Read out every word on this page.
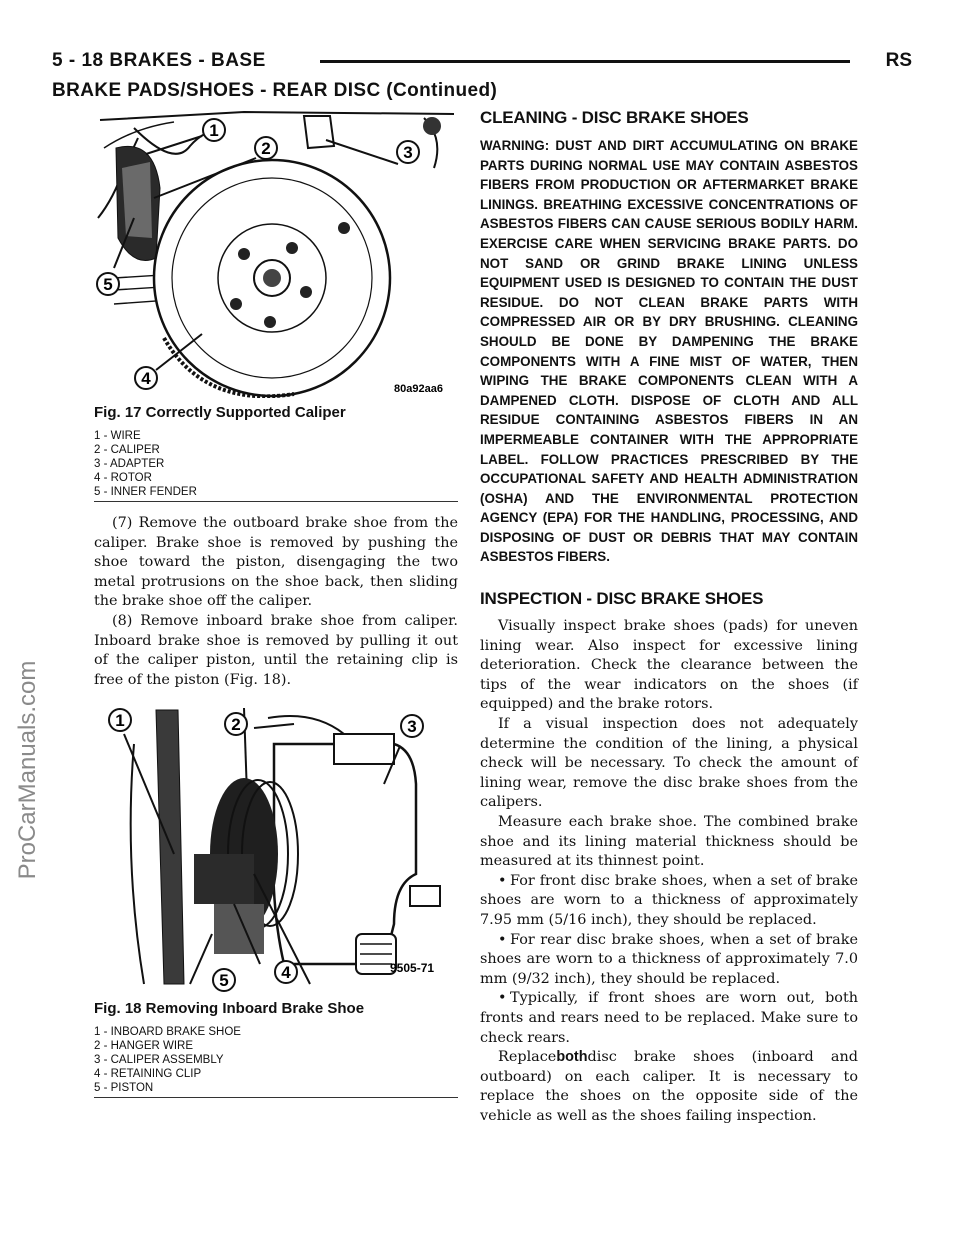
5 - 18 BRAKES - BASE	RS
BRAKE PADS/SHOES - REAR DISC (Continued)
ProCarManuals.com
1
2	3
4
5
80a92aa6
Fig. 17 Correctly Supported Caliper
1 - WIRE
2 - CALIPER
3 - ADAPTER
4 - ROTOR
5 - INNER FENDER

(7) Remove the outboard brake shoe from the caliper. Brake shoe is removed by pushing the shoe toward the piston, disengaging the two metal protrusions on the shoe back, then sliding the brake shoe off the caliper.

(8) Remove inboard brake shoe from caliper. Inboard brake shoe is removed by pulling it out of the caliper piston, until the retaining clip is free of the piston (Fig. 18).

1	2	3
4
5
9505-71
Fig. 18 Removing Inboard Brake Shoe
1 - INBOARD BRAKE SHOE
2 - HANGER WIRE
3 - CALIPER ASSEMBLY
4 - RETAINING CLIP
5 - PISTON
CLEANING - DISC BRAKE SHOES

WARNING: DUST AND DIRT ACCUMULATING ON BRAKE PARTS DURING NORMAL USE MAY CONTAIN ASBESTOS FIBERS FROM PRODUCTION OR AFTERMARKET BRAKE LININGS. BREATHING EXCESSIVE CONCENTRATIONS OF ASBESTOS FIBERS CAN CAUSE SERIOUS BODILY HARM. EXERCISE CARE WHEN SERVICING BRAKE PARTS. DO NOT SAND OR GRIND BRAKE LINING UNLESS EQUIPMENT USED IS DESIGNED TO CONTAIN THE DUST RESIDUE. DO NOT CLEAN BRAKE PARTS WITH COMPRESSED AIR OR BY DRY BRUSHING. CLEANING SHOULD BE DONE BY DAMPENING THE BRAKE COMPONENTS WITH A FINE MIST OF WATER, THEN WIPING THE BRAKE COMPONENTS CLEAN WITH A DAMPENED CLOTH. DISPOSE OF CLOTH AND ALL RESIDUE CONTAINING ASBESTOS FIBERS IN AN IMPERMEABLE CONTAINER WITH THE APPROPRIATE LABEL. FOLLOW PRACTICES PRESCRIBED BY THE OCCUPATIONAL SAFETY AND HEALTH ADMINISTRATION (OSHA) AND THE ENVIRONMENTAL PROTECTION AGENCY (EPA) FOR THE HANDLING, PROCESSING, AND DISPOSING OF DUST OR DEBRIS THAT MAY CONTAIN ASBESTOS FIBERS.

INSPECTION - DISC BRAKE SHOES

Visually inspect brake shoes (pads) for uneven lining wear. Also inspect for excessive lining deterioration. Check the clearance between the tips of the wear indicators on the shoes (if equipped) and the brake rotors.

If a visual inspection does not adequately determine the condition of the lining, a physical check will be necessary. To check the amount of lining wear, remove the disc brake shoes from the calipers.

Measure each brake shoe. The combined brake shoe and its lining material thickness should be measured at its thinnest point.

• For front disc brake shoes, when a set of brake shoes are worn to a thickness of approximately 7.95 mm (5/16 inch), they should be replaced.

• For rear disc brake shoes, when a set of brake shoes are worn to a thickness of approximately 7.0 mm (9/32 inch), they should be replaced.

• Typically, if front shoes are worn out, both fronts and rears need to be replaced. Make sure to check rears.

Replacebothdisc brake shoes (inboard and outboard) on each caliper. It is necessary to replace the shoes on the opposite side of the vehicle as well as the shoes failing inspection.
